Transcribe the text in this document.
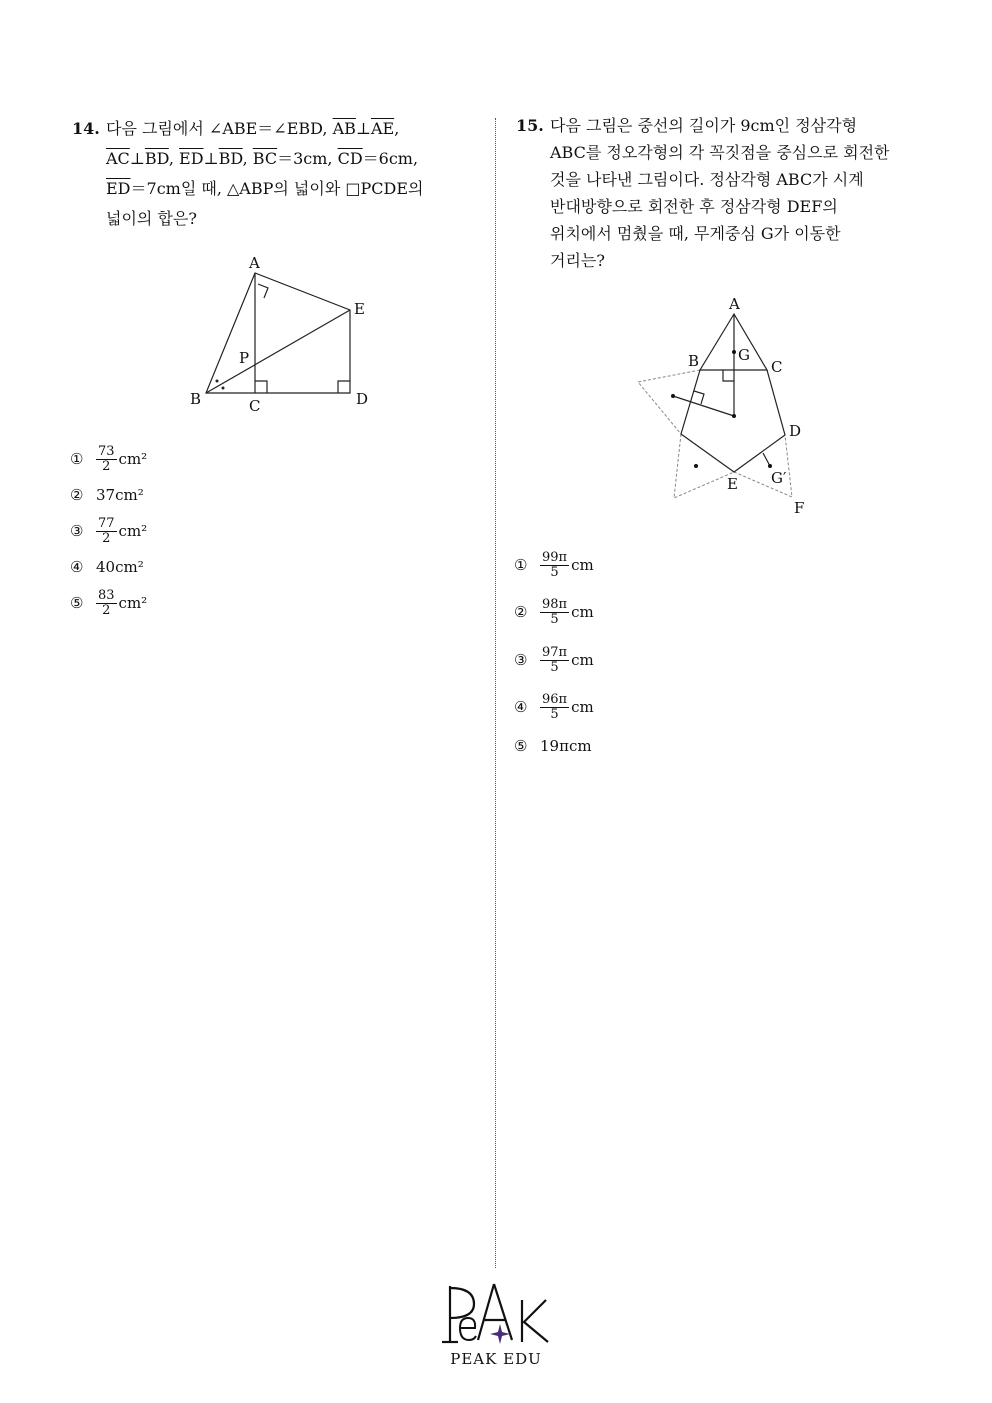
14. 다음 그림에서 ∠ABE＝∠EBD, $\overline{AB}\perp\overline{AE}$,
$\overline{AC}\perp\overline{BD}$, $\overline{ED}\perp\overline{BD}$, $\overline{BC}=3cm$, $\overline{CD}=6cm$,
$\overline{ED}=7cm$일 때, △ABP의 넓이와 □PCDE의
넓이의 합은?
A
B	C	D
E
P
① $\frac{73}{2} cm^2$
② 37cm²
③ $\frac{77}{2} cm^2$
④ 40cm²
⑤ $\frac{83}{2} cm^2$
15. 다음 그림은 중선의 길이가 9cm인 정삼각형
ABC를 정오각형의 각 꼭짓점을 중심으로 회전한
것을 나타낸 그림이다. 정삼각형 ABC가 시계
반대방향으로 회전한 후 정삼각형 DEF의
위치에서 멈췄을 때, 무게중심 G가 이동한
거리는?
A
B	C
D
E
F
G
G′
① $\frac{99\pi}{5}$ cm
② $\frac{98\pi}{5}$ cm
③ $\frac{97\pi}{5}$ cm
④ $\frac{96\pi}{5}$ cm
⑤ 19πcm
PEAK EDU
